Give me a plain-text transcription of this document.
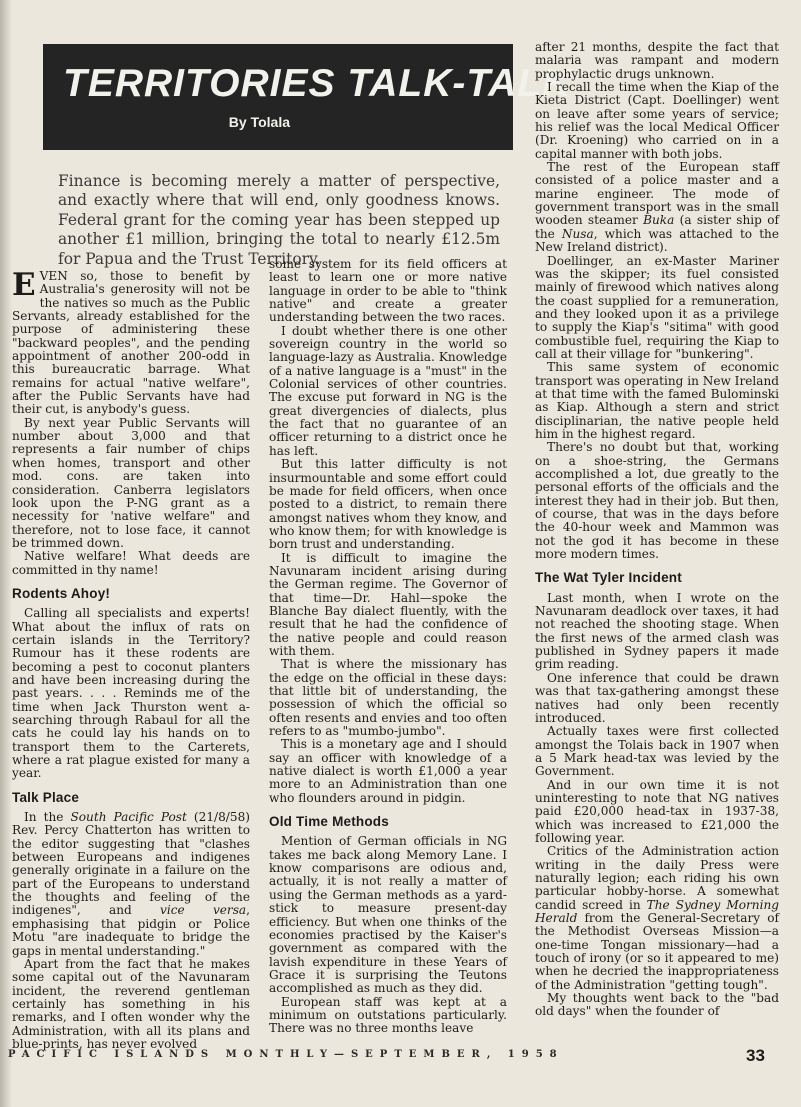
TERRITORIES TALK-TALK
By Tolala
Finance is becoming merely a matter of perspective, and exactly where that will end, only goodness knows. Federal grant for the coming year has been stepped up another £1 million, bringing the total to nearly £12.5m for Papua and the Trust Territory.

EVEN so, those to benefit by Australia's generosity will not be the natives so much as the Public Servants, already established for the purpose of administering these "backward peoples", and the pending appointment of another 200-odd in this bureaucratic barrage. What remains for actual "native welfare", after the Public Servants have had their cut, is anybody's guess.

By next year Public Servants will number about 3,000 and that represents a fair number of chips when homes, transport and other mod. cons. are taken into consideration. Canberra legislators look upon the P-NG grant as a necessity for 'native welfare" and therefore, not to lose face, it cannot be trimmed down.

Native welfare! What deeds are committed in thy name!

Rodents Ahoy!

Calling all specialists and experts! What about the influx of rats on certain islands in the Territory? Rumour has it these rodents are becoming a pest to coconut planters and have been increasing during the past years. . . . Reminds me of the time when Jack Thurston went a-searching through Rabaul for all the cats he could lay his hands on to transport them to the Carterets, where a rat plague existed for many a year.

Talk Place

In the South Pacific Post (21/8/58) Rev. Percy Chatterton has written to the editor suggesting that "clashes between Europeans and indigenes generally originate in a failure on the part of the Europeans to understand the thoughts and feeling of the indigenes", and vice versa, emphasising that pidgin or Police Motu "are inadequate to bridge the gaps in mental understanding."

Apart from the fact that he makes some capital out of the Navunaram incident, the reverend gentleman certainly has something in his remarks, and I often wonder why the Administration, with all its plans and blue-prints, has never evolved

some system for its field officers at least to learn one or more native language in order to be able to "think native" and create a greater understanding between the two races.

I doubt whether there is one other sovereign country in the world so language-lazy as Australia. Knowledge of a native language is a "must" in the Colonial services of other countries. The excuse put forward in NG is the great divergencies of dialects, plus the fact that no guarantee of an officer returning to a district once he has left.

But this latter difficulty is not insurmountable and some effort could be made for field officers, when once posted to a district, to remain there amongst natives whom they know, and who know them; for with knowledge is born trust and understanding.

It is difficult to imagine the Navunaram incident arising during the German regime. The Governor of that time—Dr. Hahl—spoke the Blanche Bay dialect fluently, with the result that he had the confidence of the native people and could reason with them.

That is where the missionary has the edge on the official in these days: that little bit of understanding, the possession of which the official so often resents and envies and too often refers to as "mumbo-jumbo".

This is a monetary age and I should say an officer with knowledge of a native dialect is worth £1,000 a year more to an Administration than one who flounders around in pidgin.

Old Time Methods

Mention of German officials in NG takes me back along Memory Lane. I know comparisons are odious and, actually, it is not really a matter of using the German methods as a yard-stick to measure present-day efficiency. But when one thinks of the economies practised by the Kaiser's government as compared with the lavish expenditure in these Years of Grace it is surprising the Teutons accomplished as much as they did.

European staff was kept at a minimum on outstations particularly. There was no three months leave

after 21 months, despite the fact that malaria was rampant and modern prophylactic drugs unknown.

I recall the time when the Kiap of the Kieta District (Capt. Doellinger) went on leave after some years of service; his relief was the local Medical Officer (Dr. Kroening) who carried on in a capital manner with both jobs.

The rest of the European staff consisted of a police master and a marine engineer. The mode of government transport was in the small wooden steamer Buka (a sister ship of the Nusa, which was attached to the New Ireland district).

Doellinger, an ex-Master Mariner was the skipper; its fuel consisted mainly of firewood which natives along the coast supplied for a remuneration, and they looked upon it as a privilege to supply the Kiap's "sitima" with good combustible fuel, requiring the Kiap to call at their village for "bunkering".

This same system of economic transport was operating in New Ireland at that time with the famed Bulominski as Kiap. Although a stern and strict disciplinarian, the native people held him in the highest regard.

There's no doubt but that, working on a shoe-string, the Germans accomplished a lot, due greatly to the personal efforts of the officials and the interest they had in their job. But then, of course, that was in the days before the 40-hour week and Mammon was not the god it has become in these more modern times.

The Wat Tyler Incident

Last month, when I wrote on the Navunaram deadlock over taxes, it had not reached the shooting stage. When the first news of the armed clash was published in Sydney papers it made grim reading.

One inference that could be drawn was that tax-gathering amongst these natives had only been recently introduced.

Actually taxes were first collected amongst the Tolais back in 1907 when a 5 Mark head-tax was levied by the Government.

And in our own time it is not uninteresting to note that NG natives paid £20,000 head-tax in 1937-38, which was increased to £21,000 the following year.

Critics of the Administration action writing in the daily Press were naturally legion; each riding his own particular hobby-horse. A somewhat candid screed in The Sydney Morning Herald from the General-Secretary of the Methodist Overseas Mission—a one-time Tongan missionary—had a touch of irony (or so it appeared to me) when he decried the inappropriateness of the Administration "getting tough".

My thoughts went back to the "bad old days" when the founder of

PACIFIC ISLANDS MONTHLY—SEPTEMBER, 1958	33
